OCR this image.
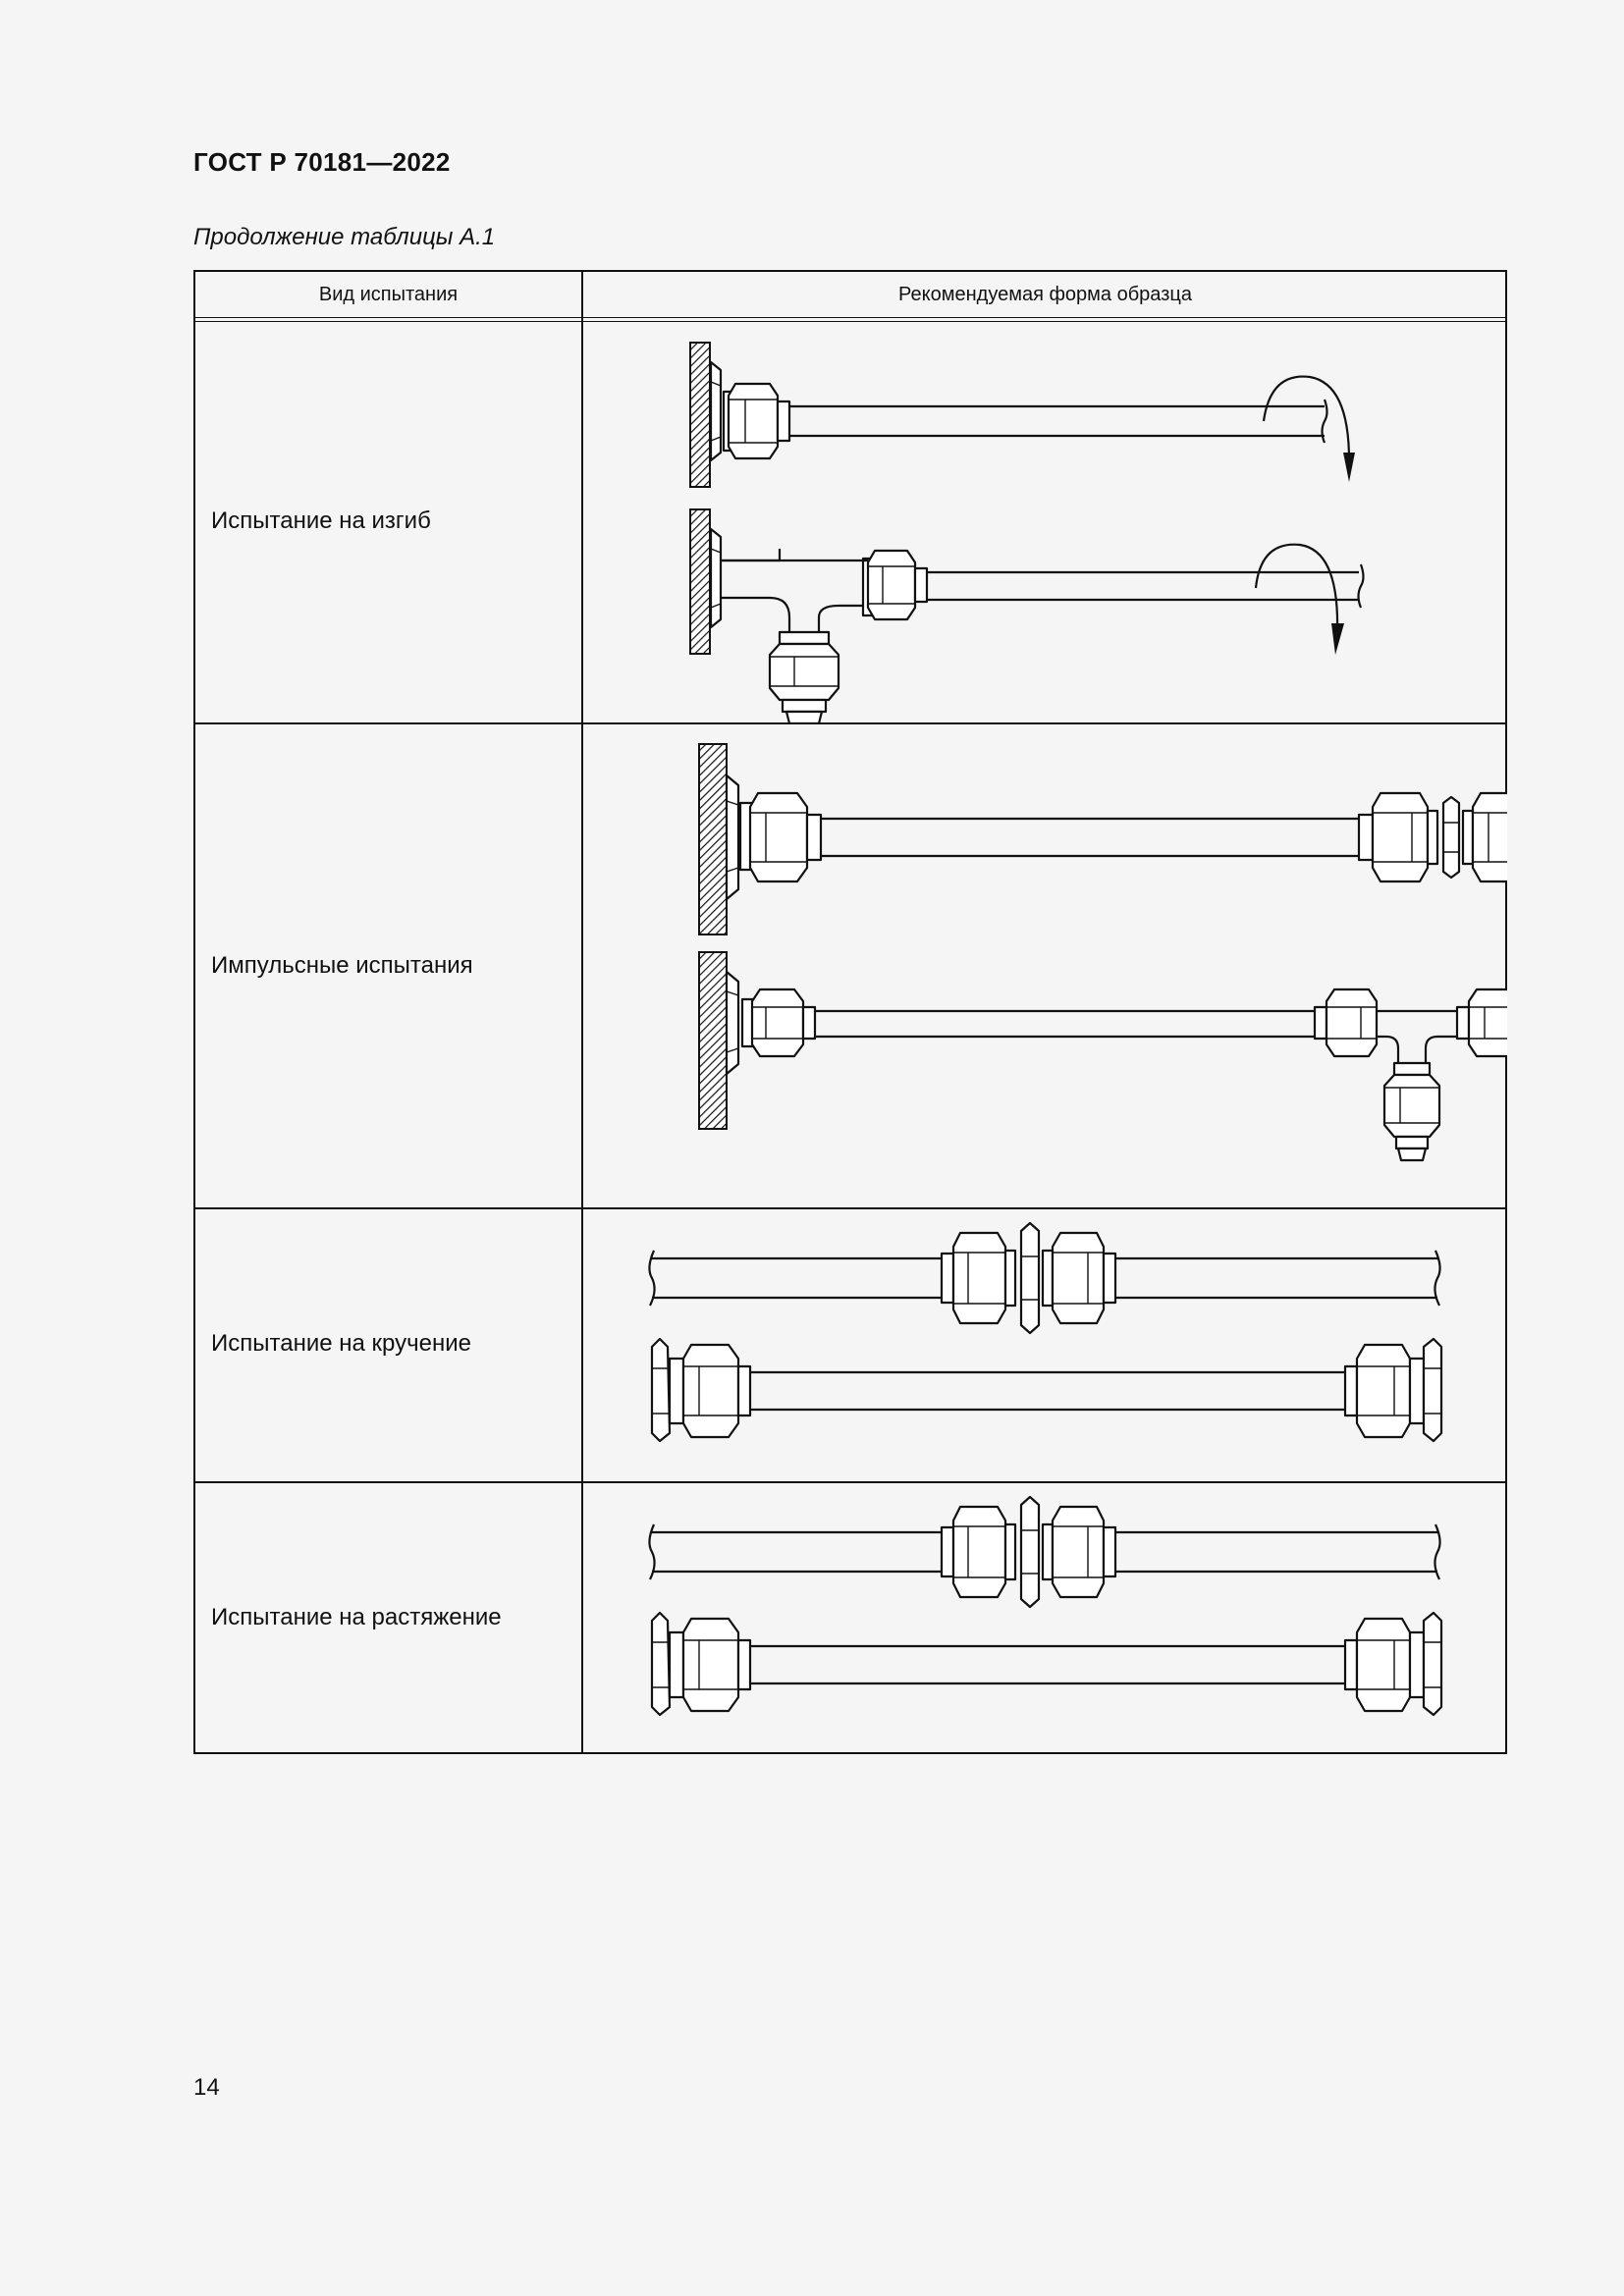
ГОСТ Р 70181—2022
Продолжение таблицы А.1
Вид испытания	Рекомендуемая форма образца
Испытание на изгиб
Импульсные испытания
Испытание на кручение
Испытание на растяжение
14
